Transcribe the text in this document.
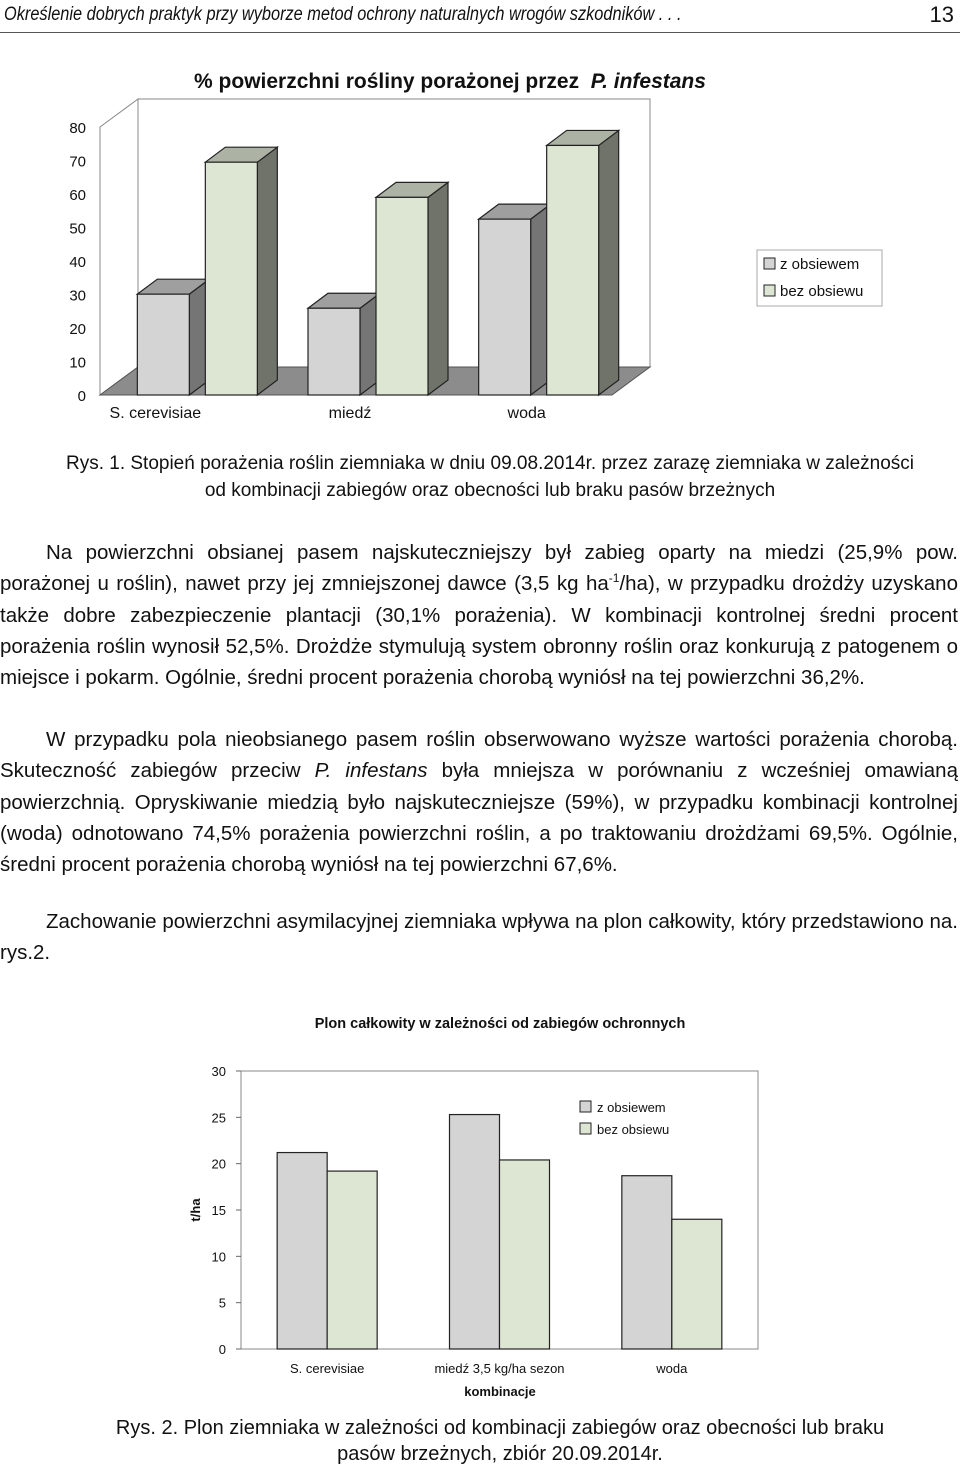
Określenie dobrych praktyk przy wyborze metod ochrony naturalnych wrogów szkodników . . .	13
% powierzchni rośliny porażonej przez P. infestans
0
10
20
30
40
50
60
70
80
S. cerevisiae	miedź	woda
z obsiewem
bez obsiewu
Rys. 1. Stopień porażenia roślin ziemniaka w dniu 09.08.2014r. przez zarazę ziemniaka w zależności od kombinacji zabiegów oraz obecności lub braku pasów brzeżnych

Na powierzchni obsianej pasem najskuteczniejszy był zabieg oparty na miedzi (25,9% pow. porażonej u roślin), nawet przy jej zmniejszonej dawce (3,5 kg $ha^{-1}/ha$), w przypadku drożdży uzyskano także dobre zabezpieczenie plantacji (30,1% porażenia). W kombinacji kontrolnej średni procent porażenia roślin wynosił 52,5%. Drożdże stymulują system obronny roślin oraz konkurują z patogenem o miejsce i pokarm. Ogólnie, średni procent porażenia chorobą wyniósł na tej powierzchni 36,2%.

W przypadku pola nieobsianego pasem roślin obserwowano wyższe wartości porażenia chorobą. Skuteczność zabiegów przeciw P. infestans była mniejsza w porównaniu z wcześniej omawianą powierzchnią. Opryskiwanie miedzią było najskuteczniejsze (59%), w przypadku kombinacji kontrolnej (woda) odnotowano 74,5% porażenia powierzchni roślin, a po traktowaniu drożdżami 69,5%. Ogólnie, średni procent porażenia chorobą wyniósł na tej powierzchni 67,6%.

Zachowanie powierzchni asymilacyjnej ziemniaka wpływa na plon całkowity, który przedstawiono na. rys.2.

Plon całkowity w zależności od zabiegów ochronnych
0
5
10
15
20
25
30
S. cerevisiae	miedź 3,5 kg/ha sezon	woda
kombinacje
t/ha
z obsiewem
bez obsiewu
Rys. 2. Plon ziemniaka w zależności od kombinacji zabiegów oraz obecności lub braku pasów brzeżnych, zbiór 20.09.2014r.
